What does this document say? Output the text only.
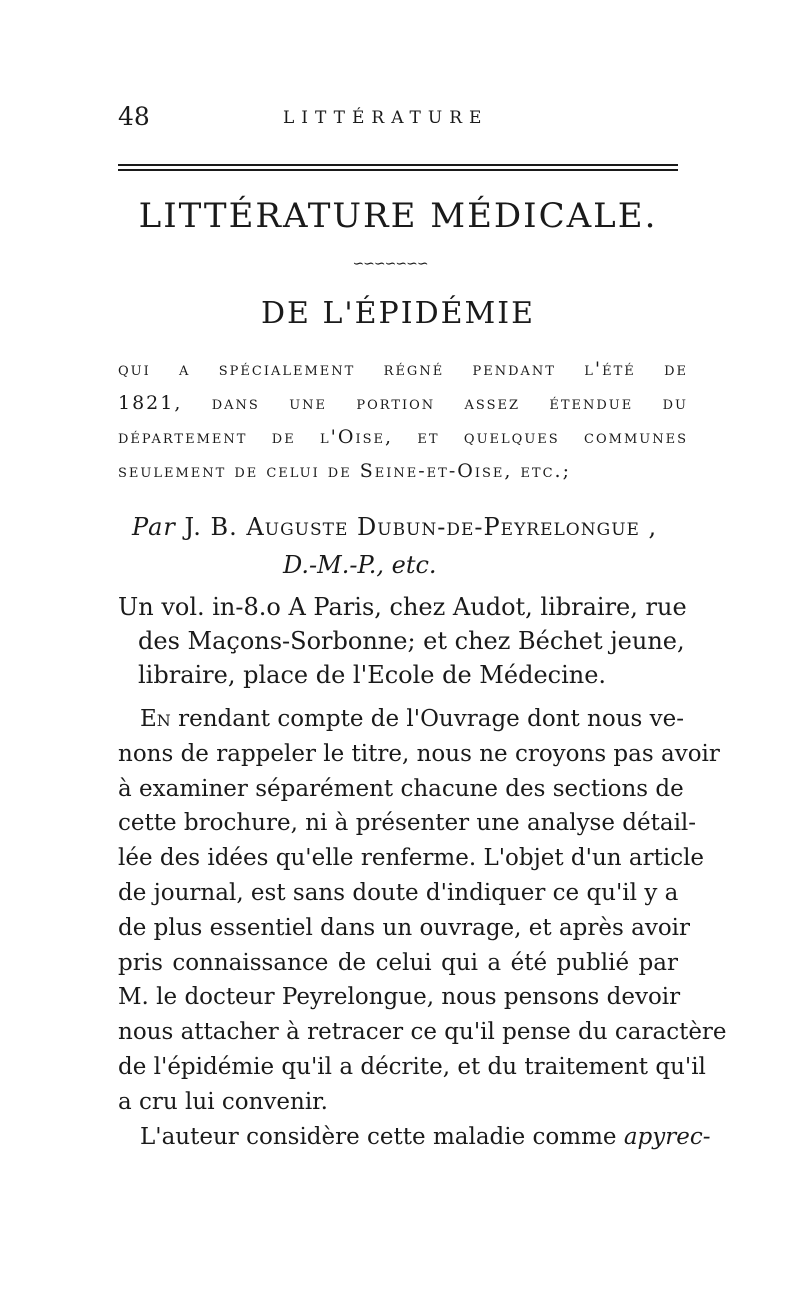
48	LITTÉRATURE
LITTÉRATURE MÉDICALE.
∽∽∽∽∽∽∽
DE L'ÉPIDÉMIE
qui a spécialement régné pendant l'été de
1821, dans une portion assez étendue du
département de l'Oise, et quelques communes
seulement de celui de Seine-et-Oise, etc.;
Par J. B. Auguste Dubun-de-Peyrelongue ,
D.-M.-P., etc.
Un vol. in-8.o A Paris, chez Audot, libraire, rue
des Maçons-Sorbonne; et chez Béchet jeune,
libraire, place de l'Ecole de Médecine.
En rendant compte de l'Ouvrage dont nous ve-
nons de rappeler le titre, nous ne croyons pas avoir
à examiner séparément chacune des sections de
cette brochure, ni à présenter une analyse détail-
lée des idées qu'elle renferme. L'objet d'un article
de journal, est sans doute d'indiquer ce qu'il y a
de plus essentiel dans un ouvrage, et après avoir
pris connaissance de celui qui a été publié par
M. le docteur Peyrelongue, nous pensons devoir
nous attacher à retracer ce qu'il pense du caractère
de l'épidémie qu'il a décrite, et du traitement qu'il
a cru lui convenir.
L'auteur considère cette maladie comme apyrec-
